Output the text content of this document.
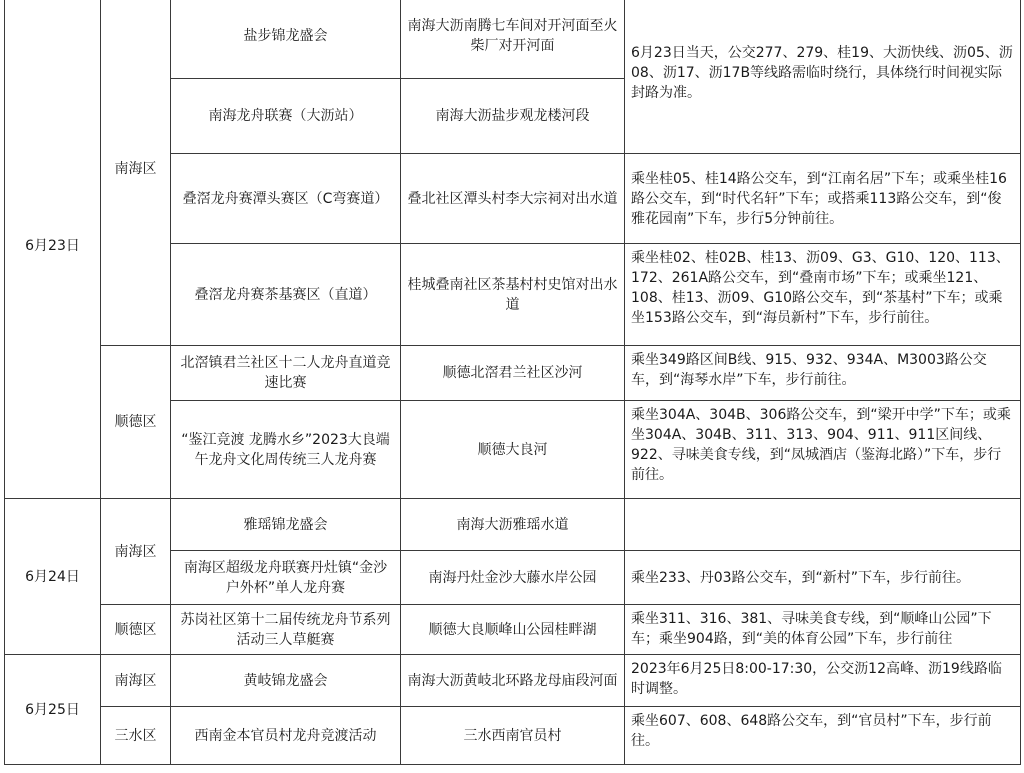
6月23日	南海区	盐步锦龙盛会	南海大沥南腾七车间对开河面至火柴厂对开河面	6月23日当天，公交277、279、桂19、大沥快线、沥05、沥08、沥17、沥17B等线路需临时绕行，具体绕行时间视实际封路为准。
		南海龙舟联赛（大沥站）	南海大沥盐步观龙楼河段	
		叠滘龙舟赛潭头赛区（C弯赛道）	叠北社区潭头村李大宗祠对出水道	乘坐桂05、桂14路公交车，到“江南名居”下车；或乘坐桂16路公交车，到“时代名轩”下车；或搭乘113路公交车，到“俊雅花园南”下车，步行5分钟前往。
		叠滘龙舟赛茶基赛区（直道）	桂城叠南社区茶基村村史馆对出水道	乘坐桂02、桂02B、桂13、沥09、G3、G10、120、113、172、261A路公交车，到“叠南市场”下车；或乘坐121、108、桂13、沥09、G10路公交车，到“茶基村”下车；或乘坐153路公交车，到“海员新村”下车，步行前往。
	顺德区	北滘镇君兰社区十二人龙舟直道竞速比赛	顺德北滘君兰社区沙河	乘坐349路区间B线、915、932、934A、M3003路公交车，到“海琴水岸”下车，步行前往。
		“鉴江竞渡 龙腾水乡”2023大良端午龙舟文化周传统三人龙舟赛	顺德大良河	乘坐304A、304B、306路公交车，到“梁开中学”下车；或乘坐304A、304B、311、313、904、911、911区间线、922、寻味美食专线，到“凤城酒店（鉴海北路）”下车，步行前往。
6月24日	南海区	雅瑶锦龙盛会	南海大沥雅瑶水道	
		南海区超级龙舟联赛丹灶镇“金沙户外杯”单人龙舟赛	南海丹灶金沙大藤水岸公园	乘坐233、丹03路公交车，到“新村”下车，步行前往。
	顺德区	苏岗社区第十二届传统龙舟节系列活动三人草艇赛	顺德大良顺峰山公园桂畔湖	乘坐311、316、381、寻味美食专线，到“顺峰山公园”下车；乘坐904路，到“美的体育公园”下车，步行前往
6月25日	南海区	黄岐锦龙盛会	南海大沥黄岐北环路龙母庙段河面	2023年6月25日8:00-17:30，公交沥12高峰、沥19线路临时调整。
	三水区	西南金本官员村龙舟竞渡活动	三水西南官员村	乘坐607、608、648路公交车，到“官员村”下车，步行前往。
